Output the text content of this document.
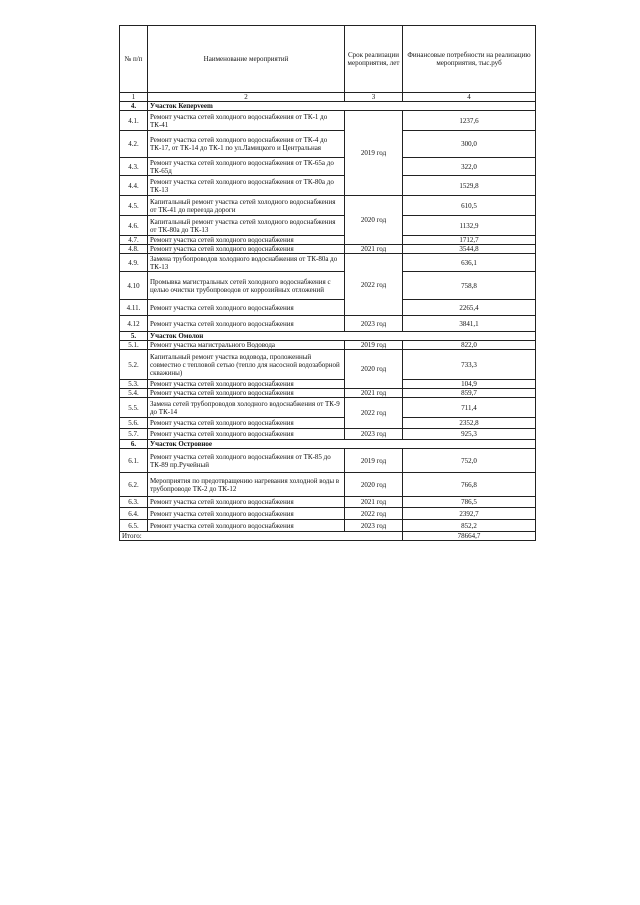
№ п/п	Наименование мероприятий	Срок реализации мероприятия, лет	Финансовые потребности на реализацию мероприятия, тыс.руб
1	2	3	4
4.	Участок Кеперveem		
4.1.	Ремонт участка сетей холодного водоснабжения от ТК-1 до ТК-41	2019 год	1237,6
4.2.	Ремонт участка сетей холодного водоснабжения от ТК-4 до ТК-17, от ТК-14 до ТК-1 по ул.Ламицкого и Центральная		300,0
4.3.	Ремонт участка сетей холодного водоснабжения от ТК-65а до ТК-65д		322,0
4.4.	Ремонт участка сетей холодного водоснабжения от ТК-80а до ТК-13		1529,8
4.5.	Капитальный ремонт участка сетей холодного водоснабжения от ТК-41 до переезда дороги	2020 год	610,5
4.6.	Капитальный ремонт участка сетей холодного водоснабжения от ТК-80а до ТК-13		1132,9
4.7.	Ремонт участка сетей холодного водоснабжения		1712,7
4.8.	Ремонт участка сетей холодного водоснабжения	2021 год	3544,8
4.9.	Замена трубопроводов холодного водоснабжения от ТК-80а до ТК-13	2022 год	636,1
4.10	Промывка магистральных сетей холодного водоснабжения с целью очистки трубопроводов от коррозийных отложений		758,8
4.11.	Ремонт участка сетей холодного водоснабжения		2265,4
4.12	Ремонт участка сетей холодного водоснабжения	2023 год	3841,1
5.	Участок Омолон		
5.1.	Ремонт участка магистрального Водовода	2019 год	822,0
5.2.	Капитальный ремонт участка водовода, проложенный совместно с тепловой сетью (тепло для насосной водозаборной скважины)	2020 год	733,3
5.3.	Ремонт участка сетей холодного водоснабжения		104,9
5.4.	Ремонт участка сетей холодного водоснабжения	2021 год	859,7
5.5.	Замена сетей трубопроводов холодного водоснабжения от ТК-9 до ТК-14	2022 год	711,4
5.6.	Ремонт участка сетей холодного водоснабжения		2352,8
5.7.	Ремонт участка сетей холодного водоснабжения	2023 год	925,3
6.	Участок Островное		
6.1.	Ремонт участка сетей холодного водоснабжения от ТК-85 до ТК-89 пр.Ручейный	2019 год	752,0
6.2.	Мероприятия по предотвращению нагревания холодной воды в трубопроводе ТК-2 до ТК-12	2020 год	766,8
6.3.	Ремонт участка сетей холодного водоснабжения	2021 год	786,5
6.4.	Ремонт участка сетей холодного водоснабжения	2022 год	2392,7
6.5.	Ремонт участка сетей холодного водоснабжения	2023 год	852,2
Итого:			78664,7
